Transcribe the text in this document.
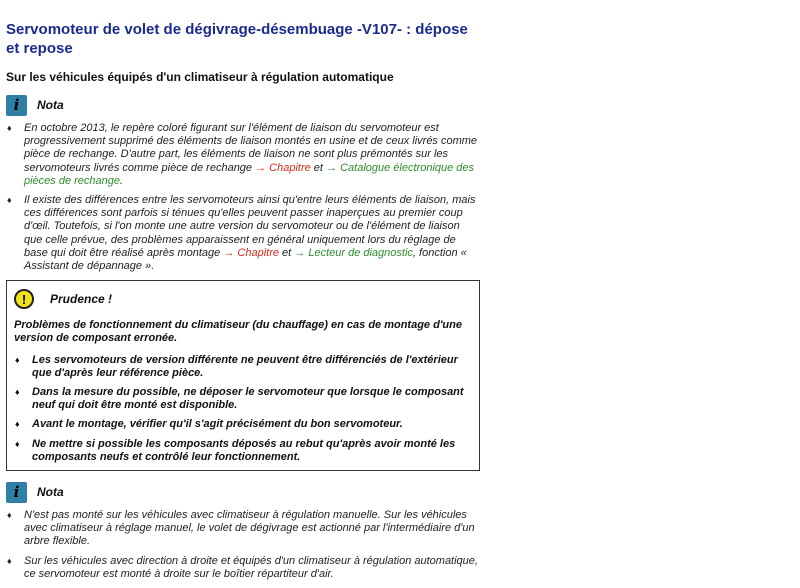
Servomoteur de volet de dégivrage-désembuage -V107- : dépose
et repose
Sur les véhicules équipés d'un climatiseur à régulation automatique
i Nota
♦ En octobre 2013, le repère coloré figurant sur l'élément de liaison du servomoteur est progressivement supprimé des éléments de liaison montés en usine et de ceux livrés comme pièce de rechange. D'autre part, les éléments de liaison ne sont plus prémontés sur les servomoteurs livrés comme pièce de rechange → Chapitre et → Catalogue électronique des pièces de rechange.
♦ Il existe des différences entre les servomoteurs ainsi qu'entre leurs éléments de liaison, mais ces différences sont parfois si ténues qu'elles peuvent passer inaperçues au premier coup d'œil. Toutefois, si l'on monte une autre version du servomoteur ou de l'élément de liaison que celle prévue, des problèmes apparaissent en général uniquement lors du réglage de base qui doit être réalisé après montage → Chapitre et → Lecteur de diagnostic, fonction « Assistant de dépannage ».
!	Prudence !
Problèmes de fonctionnement du climatiseur (du chauffage) en cas de montage d'une version de composant erronée.
♦ Les servomoteurs de version différente ne peuvent être différenciés de l'extérieur que d'après leur référence pièce.
♦ Dans la mesure du possible, ne déposer le servomoteur que lorsque le composant neuf qui doit être monté est disponible.
♦ Avant le montage, vérifier qu'il s'agit précisément du bon servomoteur.
♦ Ne mettre si possible les composants déposés au rebut qu'après avoir monté les composants neufs et contrôlé leur fonctionnement.
i Nota
♦ N'est pas monté sur les véhicules avec climatiseur à régulation manuelle. Sur les véhicules avec climatiseur à réglage manuel, le volet de dégivrage est actionné par l'intermédiaire d'un arbre flexible.
♦ Sur les véhicules avec direction à droite et équipés d'un climatiseur à régulation automatique, ce servomoteur est monté à droite sur le boîtier répartiteur d'air.
